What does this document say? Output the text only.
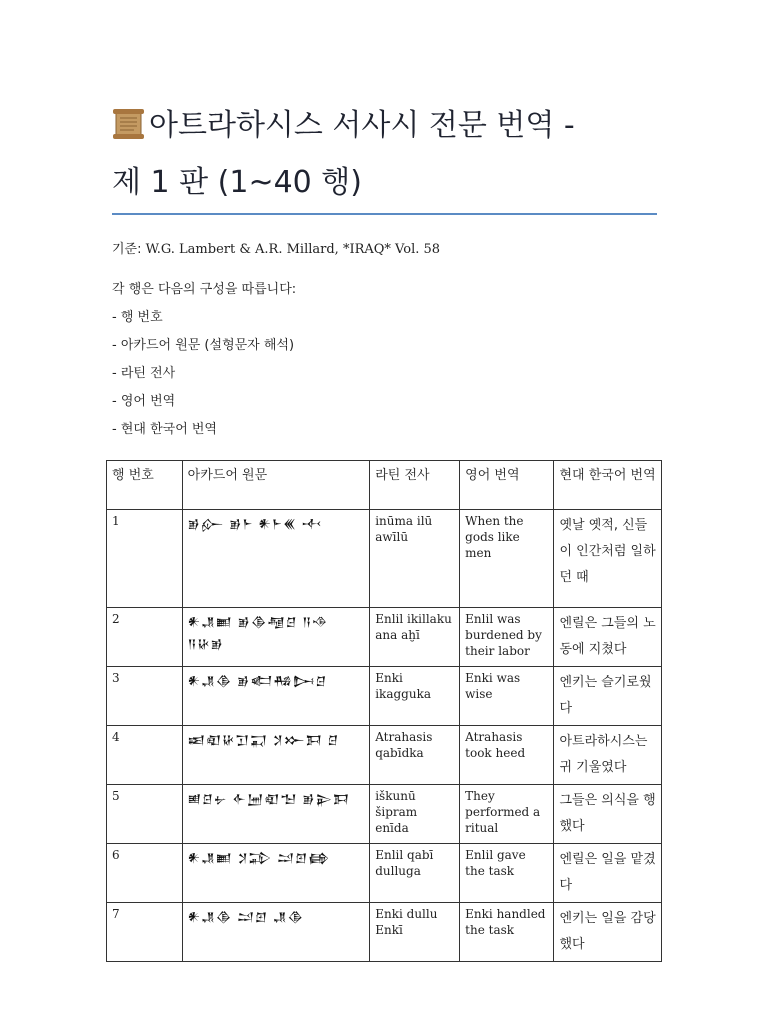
아트라하시스 서사시 전문 번역 -
제 1 판 (1~40 행)
기준: W.G. Lambert & A.R. Millard, *IRAQ* Vol. 58
각 행은 다음의 구성을 따릅니다:
- 행 번호
- 아카드어 원문 (설형문자 해석)
- 라틴 전사
- 영어 번역
- 현대 한국어 번역
행 번호	아카드어 원문	라틴 전사	영어 번역	현대 한국어 번역
1	𒂊𒅎 𒂊𒈨 𒀭𒈨𒌍 𒋾	inūma ilū awīlū	When the gods like men	옛날 옛적, 신들이 인간처럼 일하던 때
2	𒀭𒂗𒆤 𒂊𒆠𒆷𒆪 𒀀𒈾 𒀀𒄩𒂊	Enlil ikillaku ana aḫī	Enlil was burdened by their labor	엔릴은 그들의 노동에 지쳤다
3	𒀭𒂗𒆠 𒂊𒅗𒄀𒄖𒆪	Enki ikagguka	Enki was wise	엔키는 슬기로웠다
4	𒀜𒊏𒄩𒋛𒍑 𒋡𒁍𒁕 𒆪	Atrahasis qabīdka	Atrahasis took heed	아트라하시스는 귀 기울였다
5	𒅖𒆪𒉡 𒅆𒅁𒊏𒈠 𒂊𒉌𒁕	iškunū šipram enīda	They performed a ritual	그들은 의식을 행했다
6	𒀭𒂗𒆤 𒋡𒁉 𒁺𒇻𒂵	Enlil qabī dulluga	Enlil gave the task	엔릴은 일을 맡겼다
7	𒀭𒂗𒆠 𒁺𒇻 𒂗𒆠	Enki dullu Enkī	Enki handled the task	엔키는 일을 감당했다
